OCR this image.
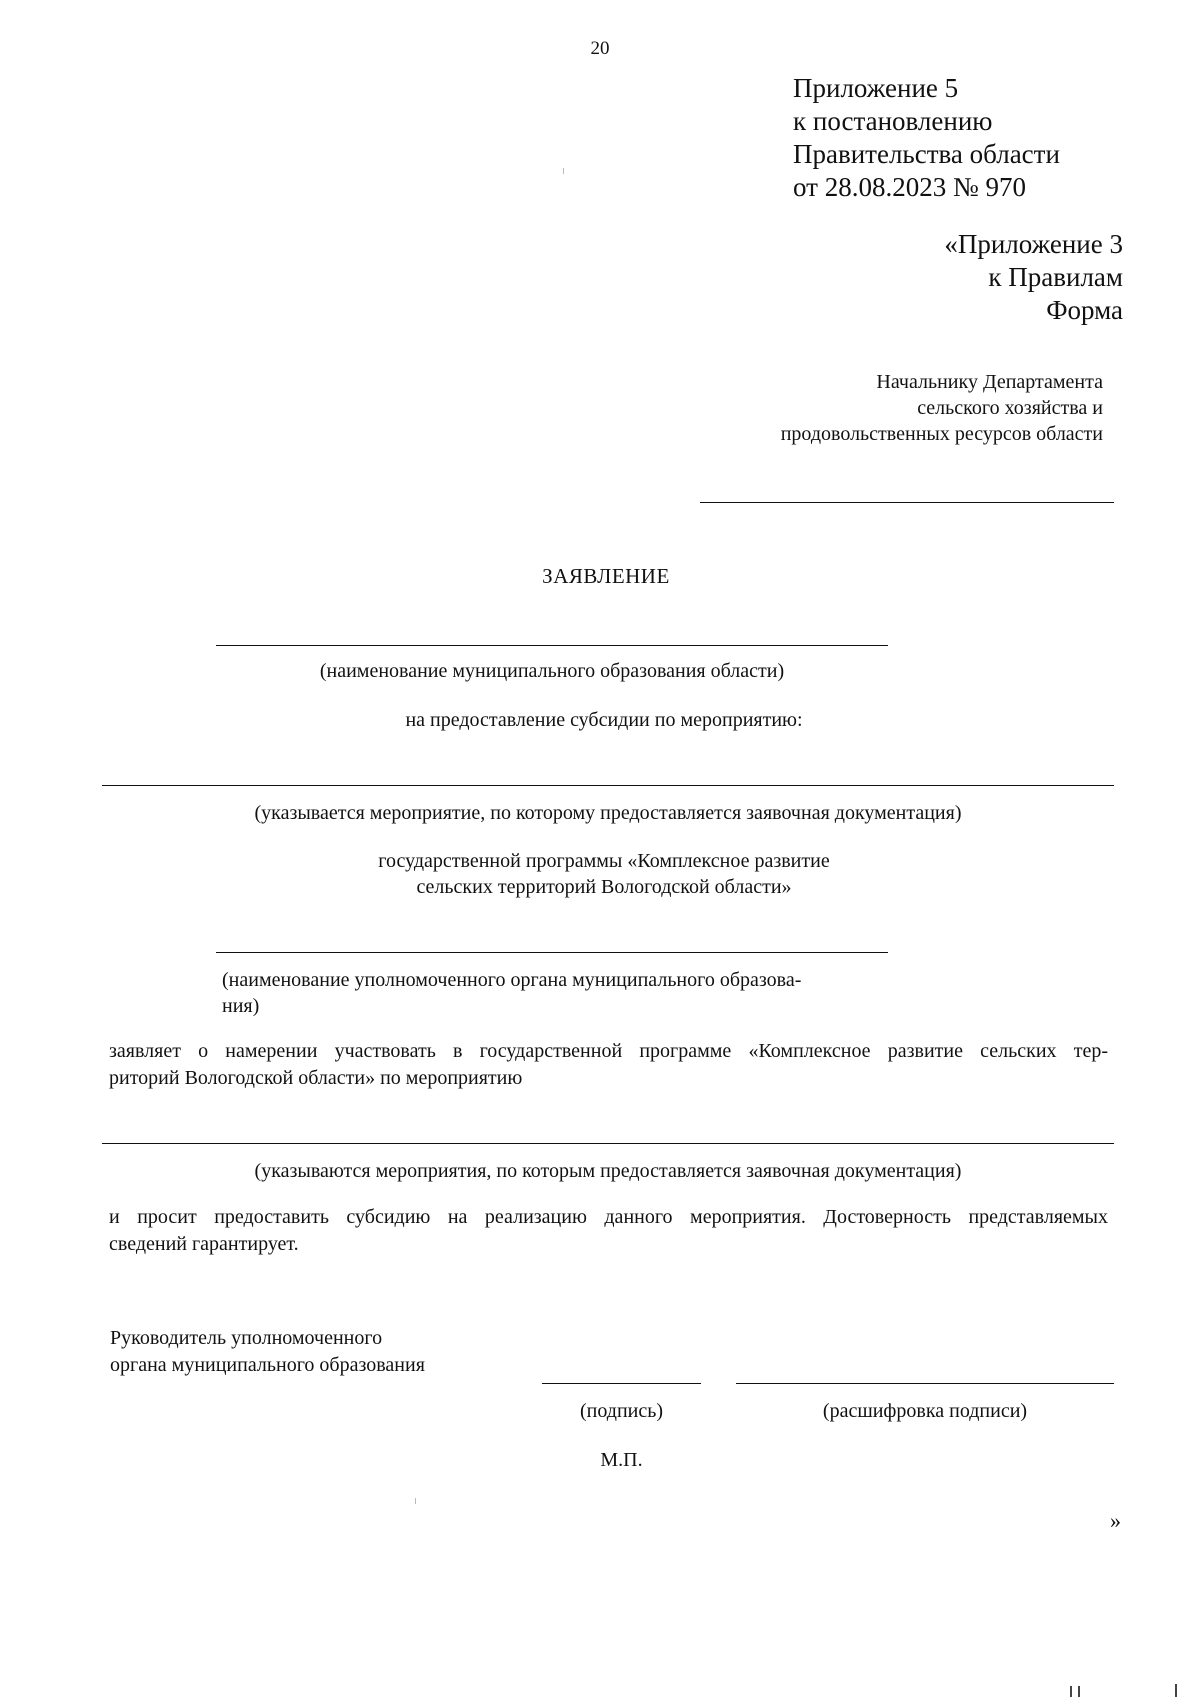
20
Приложение 5
к постановлению
Правительства области
от 28.08.2023 № 970
«Приложение 3
к Правилам
Форма
Начальнику Департамента
сельского хозяйства и
продовольственных ресурсов области
ЗАЯВЛЕНИЕ
(наименование муниципального образования области)
на предоставление субсидии по мероприятию:
(указывается мероприятие, по которому предоставляется заявочная документация)
государственной программы «Комплексное развитие
сельских территорий Вологодской области»
(наименование уполномоченного органа муниципального образова-
ния)
заявляет о намерении участвовать в государственной программе «Комплексное развитие сельских тер-
риторий Вологодской области» по мероприятию
(указываются мероприятия, по которым предоставляется заявочная документация)
и просит предоставить субсидию на реализацию данного мероприятия. Достоверность представляемых
сведений гарантирует.
Руководитель уполномоченного
органа муниципального образования
(подпись)	(расшифровка подписи)
М.П.
»
